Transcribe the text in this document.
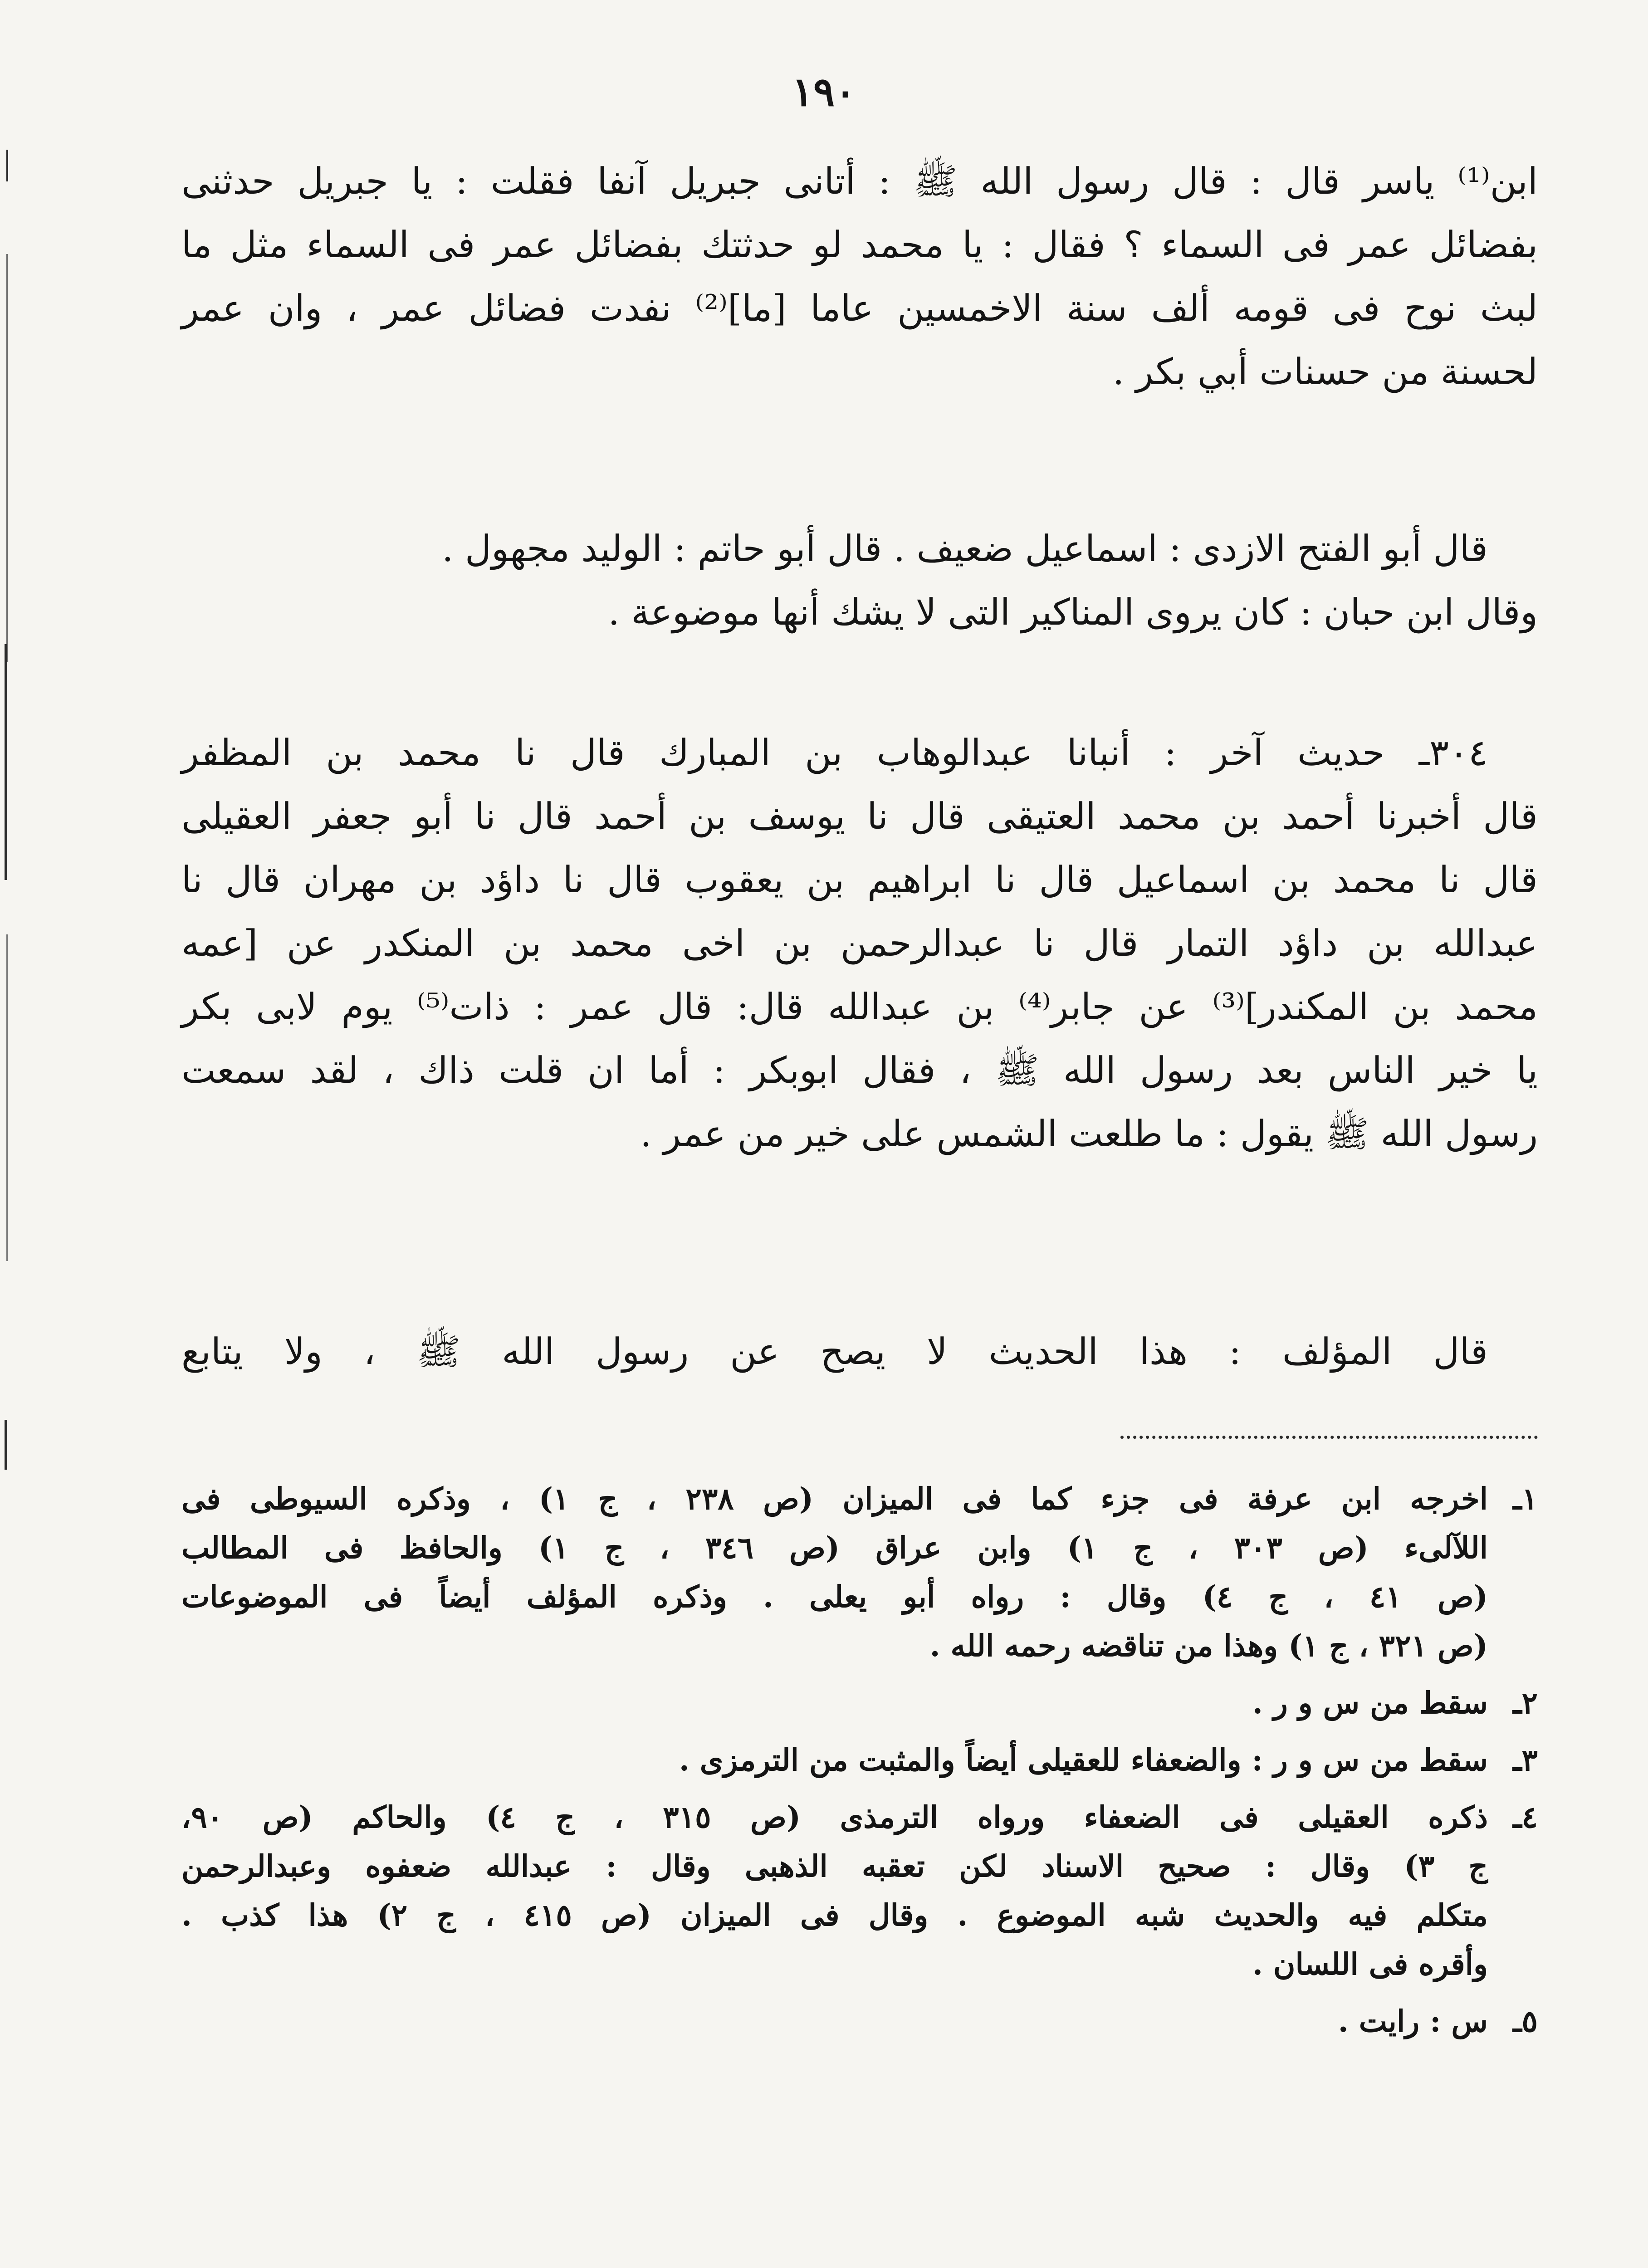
١٩٠
ابن⁽¹⁾ ياسر قال : قال رسول الله ﷺ : أتانى جبريل آنفا فقلت : يا جبريل حدثنى
بفضائل عمر فى السماء ؟ فقال : يا محمد لو حدثتك بفضائل عمر فى السماء مثل ما
لبث نوح فى قومه ألف سنة الاخمسين عاما [ما]⁽²⁾ نفدت فضائل عمر ، وان عمر
لحسنة من حسنات أبي بكر .
قال أبو الفتح الازدى : اسماعيل ضعيف . قال أبو حاتم : الوليد مجهول .
وقال ابن حبان : كان يروى المناكير التى لا يشك أنها موضوعة .
٣٠٤ـ حديث آخر : أنبانا عبدالوهاب بن المبارك قال نا محمد بن المظفر
قال أخبرنا أحمد بن محمد العتيقى قال نا يوسف بن أحمد قال نا أبو جعفر العقيلى
قال نا محمد بن اسماعيل قال نا ابراهيم بن يعقوب قال نا داؤد بن مهران قال نا
عبدالله بن داؤد التمار قال نا عبدالرحمن بن اخى محمد بن المنكدر عن [عمه
محمد بن المكندر]⁽³⁾ عن جابر⁽⁴⁾ بن عبدالله قال: قال عمر : ذات⁽⁵⁾ يوم لابى بكر
يا خير الناس بعد رسول الله ﷺ ، فقال ابوبكر : أما ان قلت ذاك ، لقد سمعت
رسول الله ﷺ يقول : ما طلعت الشمس على خير من عمر .
قال المؤلف : هذا الحديث لا يصح عن رسول الله ﷺ ، ولا يتابع
١ـ
اخرجه ابن عرفة فى جزء كما فى الميزان (ص ٢٣٨ ، ج ١) ، وذكره السيوطى فى
اللآلىء (ص ٣٠٣ ، ج ١) وابن عراق (ص ٣٤٦ ، ج ١) والحافظ فى المطالب
(ص ٤١ ، ج ٤) وقال : رواه أبو يعلى . وذكره المؤلف أيضاً فى الموضوعات
(ص ٣٢١ ، ج ١) وهذا من تناقضه رحمه الله .
٢ـ
سقط من س و ر .
٣ـ
سقط من س و ر : والضعفاء للعقيلى أيضاً والمثبت من الترمزى .
٤ـ
ذكره العقيلى فى الضعفاء ورواه الترمذى (ص ٣١٥ ، ج ٤) والحاكم (ص ٩٠،
ج ٣) وقال : صحيح الاسناد لكن تعقبه الذهبى وقال : عبدالله ضعفوه وعبدالرحمن
متكلم فيه والحديث شبه الموضوع . وقال فى الميزان (ص ٤١٥ ، ج ٢) هذا كذب .
وأقره فى اللسان .
٥ـ
س : رايت .
